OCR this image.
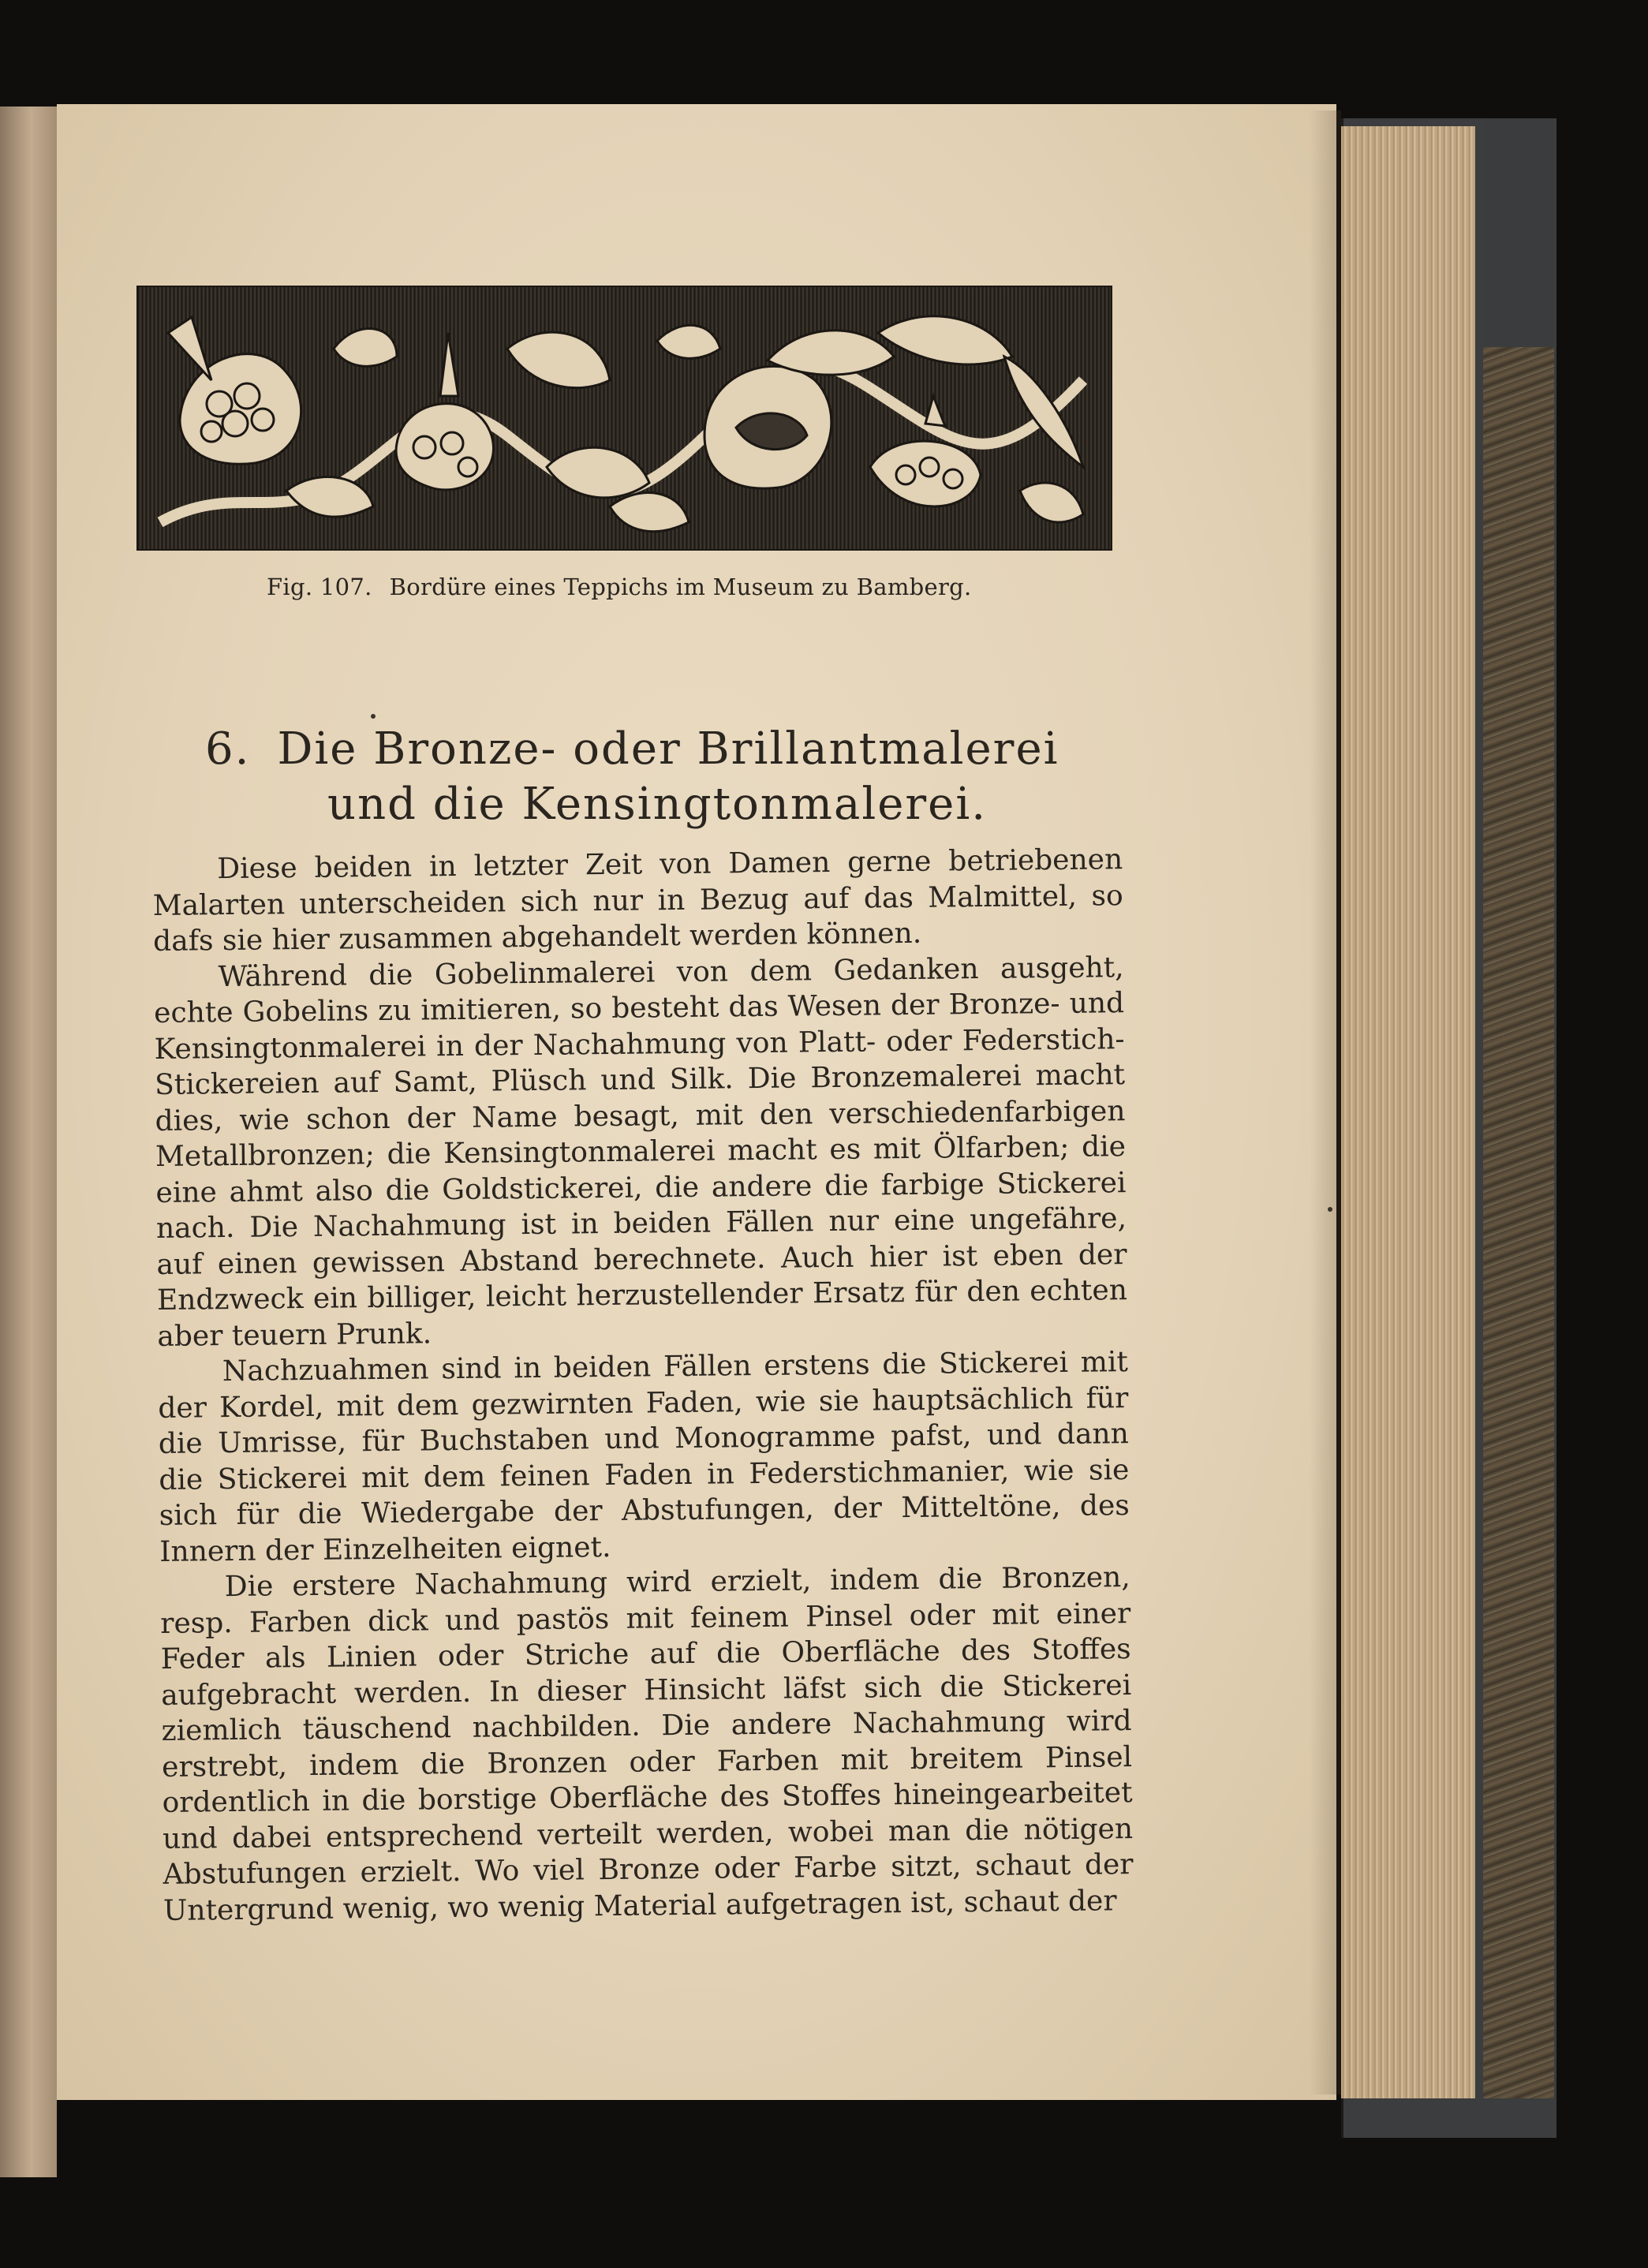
Fig. 107. Bordüre eines Teppichs im Museum zu Bamberg.
6. Die Bronze- oder Brillantmalerei
und die Kensingtonmalerei.

Diese beiden in letzter Zeit von Damen gerne betriebenen Malarten unterscheiden sich nur in Bezug auf das Malmittel, so dafs sie hier zusammen abgehandelt werden können.

Während die Gobelinmalerei von dem Gedanken ausgeht, echte Gobelins zu imitieren, so besteht das Wesen der Bronze- und Kensingtonmalerei in der Nachahmung von Platt- oder Federstich-Stickereien auf Samt, Plüsch und Silk. Die Bronzemalerei macht dies, wie schon der Name besagt, mit den verschiedenfarbigen Metallbronzen; die Kensingtonmalerei macht es mit Ölfarben; die eine ahmt also die Goldstickerei, die andere die farbige Stickerei nach. Die Nachahmung ist in beiden Fällen nur eine ungefähre, auf einen gewissen Abstand berechnete. Auch hier ist eben der Endzweck ein billiger, leicht herzustellender Ersatz für den echten aber teuern Prunk.

Nachzuahmen sind in beiden Fällen erstens die Stickerei mit der Kordel, mit dem gezwirnten Faden, wie sie hauptsächlich für die Umrisse, für Buchstaben und Monogramme pafst, und dann die Stickerei mit dem feinen Faden in Federstichmanier, wie sie sich für die Wiedergabe der Abstufungen, der Mitteltöne, des Innern der Einzelheiten eignet.

Die erstere Nachahmung wird erzielt, indem die Bronzen, resp. Farben dick und pastös mit feinem Pinsel oder mit einer Feder als Linien oder Striche auf die Oberfläche des Stoffes aufgebracht werden. In dieser Hinsicht läfst sich die Stickerei ziemlich täuschend nachbilden. Die andere Nachahmung wird erstrebt, indem die Bronzen oder Farben mit breitem Pinsel ordentlich in die borstige Oberfläche des Stoffes hineingearbeitet und dabei entsprechend verteilt werden, wobei man die nötigen Abstufungen erzielt. Wo viel Bronze oder Farbe sitzt, schaut der Untergrund wenig, wo wenig Material aufgetragen ist, schaut der
